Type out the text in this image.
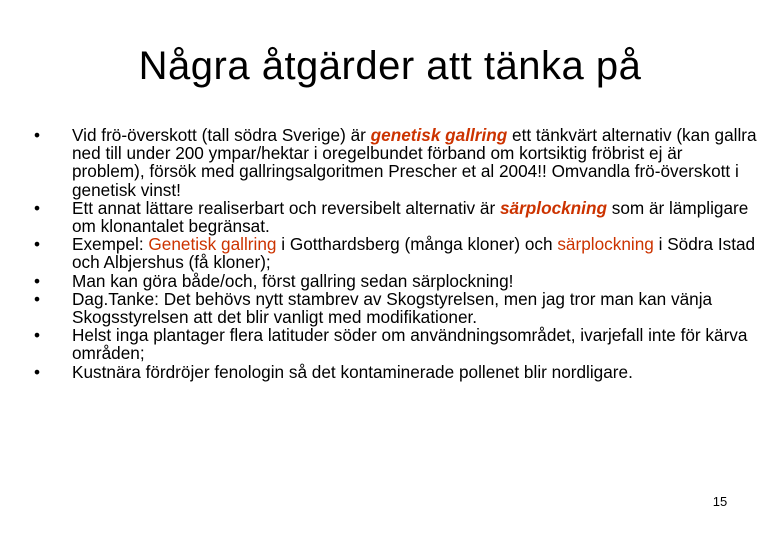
Några åtgärder att tänka på
• Vid frö-överskott (tall södra Sverige) är genetisk gallring ett tänkvärt alternativ (kan gallra ned till under 200 ympar/hektar i oregelbundet förband om kortsiktig fröbrist ej är problem), försök med gallringsalgoritmen Prescher et al 2004!! Omvandla frö-överskott i genetisk vinst!
• Ett annat lättare realiserbart och reversibelt alternativ är särplockning som är lämpligare om klonantalet begränsat.
• Exempel: Genetisk gallring i Gotthardsberg (många kloner) och särplockning i Södra Istad och Albjershus (få kloner);
• Man kan göra både/och, först gallring sedan särplockning!
• Dag.Tanke: Det behövs nytt stambrev av Skogstyrelsen, men jag tror man kan vänja Skogsstyrelsen att det blir vanligt med modifikationer.
• Helst inga plantager flera latituder söder om användningsområdet, ivarjefall inte för kärva områden;
• Kustnära fördröjer fenologin så det kontaminerade pollenet blir nordligare.
15
